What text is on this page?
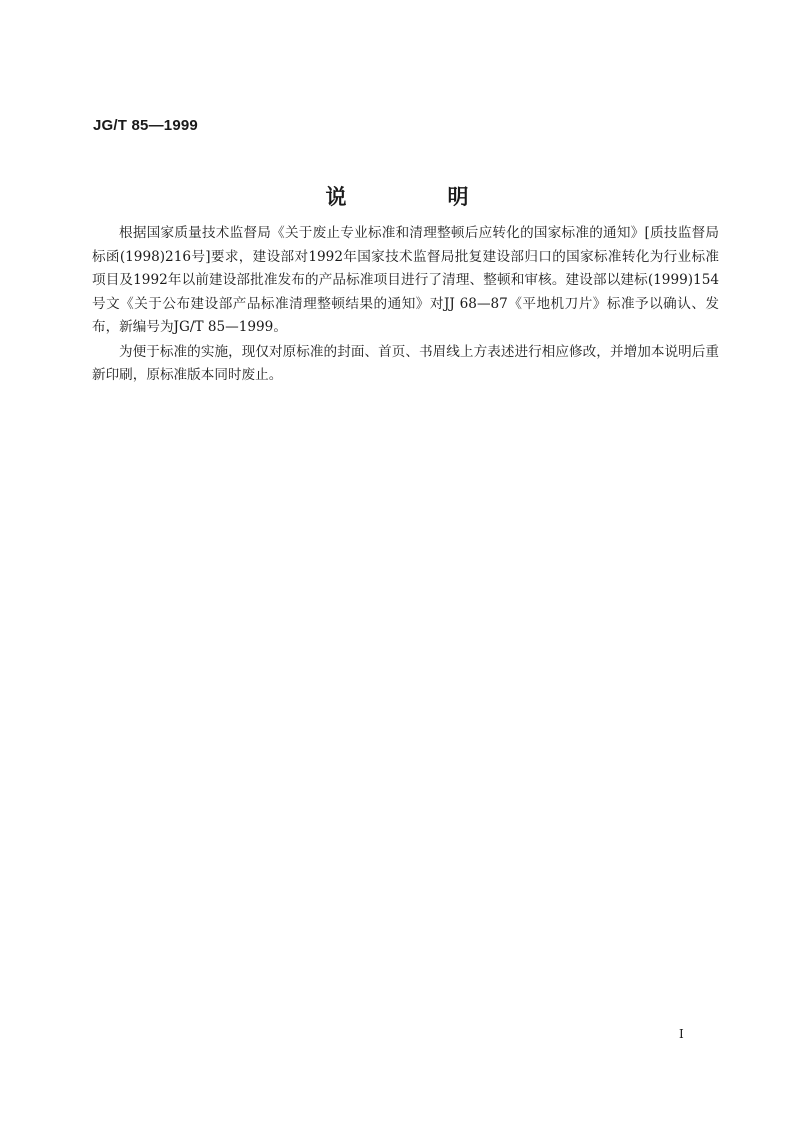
JG/T 85—1999
说　明

根据国家质量技术监督局《关于废止专业标准和清理整顿后应转化的国家标准的通知》[质技监督局标函(1998)216号]要求，建设部对1992年国家技术监督局批复建设部归口的国家标准转化为行业标准项目及1992年以前建设部批准发布的产品标准项目进行了清理、整顿和审核。建设部以建标(1999)154号文《关于公布建设部产品标准清理整顿结果的通知》对JJ 68—87《平地机刀片》标准予以确认、发布，新编号为JG/T 85—1999。

为便于标准的实施，现仅对原标准的封面、首页、书眉线上方表述进行相应修改，并增加本说明后重新印刷，原标准版本同时废止。

I
